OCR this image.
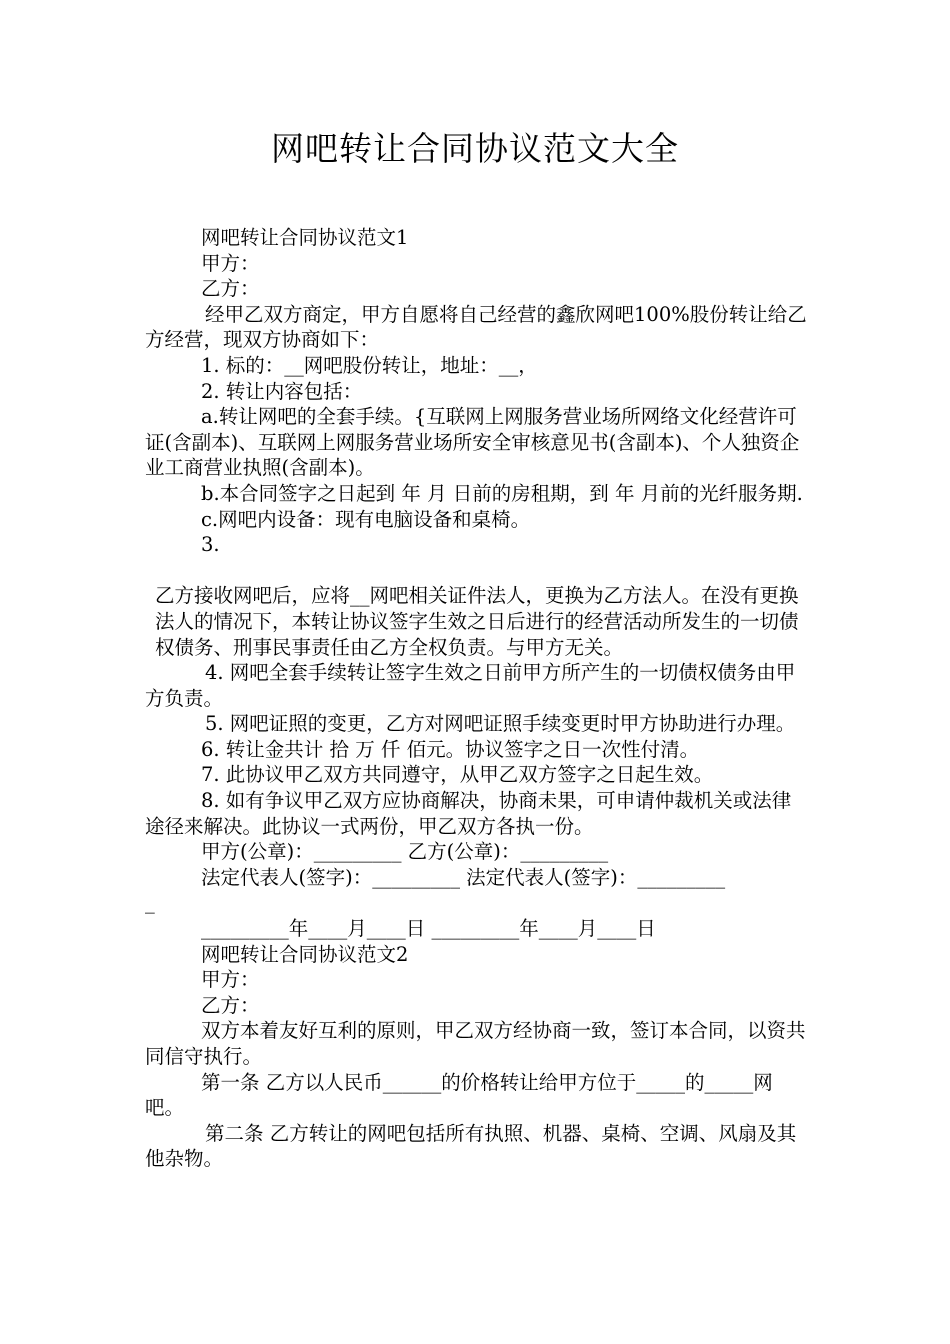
网吧转让合同协议范文大全

网吧转让合同协议范文1

甲方：

乙方：

经甲乙双方商定，甲方自愿将自己经营的鑫欣网吧100%股份转让给乙方经营，现双方协商如下：

1. 标的：__网吧股份转让，地址：__，

2. 转让内容包括：

a.转让网吧的全套手续。{互联网上网服务营业场所网络文化经营许可证(含副本)、互联网上网服务营业场所安全审核意见书(含副本)、个人独资企业工商营业执照(含副本)。

b.本合同签字之日起到 年 月 日前的房租期，到 年 月前的光纤服务期.

c.网吧内设备：现有电脑设备和桌椅。

3.

乙方接收网吧后，应将__网吧相关证件法人，更换为乙方法人。在没有更换法人的情况下，本转让协议签字生效之日后进行的经营活动所发生的一切债权债务、刑事民事责任由乙方全权负责。与甲方无关。

4. 网吧全套手续转让签字生效之日前甲方所产生的一切债权债务由甲方负责。

5. 网吧证照的变更，乙方对网吧证照手续变更时甲方协助进行办理。

6. 转让金共计 拾 万 仟 佰元。协议签字之日一次性付清。

7. 此协议甲乙双方共同遵守，从甲乙双方签字之日起生效。

8. 如有争议甲乙双方应协商解决，协商未果，可申请仲裁机关或法律途径来解决。此协议一式两份，甲乙双方各执一份。

甲方(公章)：_________ 乙方(公章)：_________

法定代表人(签字)：_________ 法定代表人(签字)：_________

_

_________年____月____日 _________年____月____日

网吧转让合同协议范文2

甲方：

乙方：

双方本着友好互利的原则，甲乙双方经协商一致，签订本合同，以资共同信守执行。

第一条 乙方以人民币______的价格转让给甲方位于_____的_____网吧。

第二条 乙方转让的网吧包括所有执照、机器、桌椅、空调、风扇及其他杂物。
